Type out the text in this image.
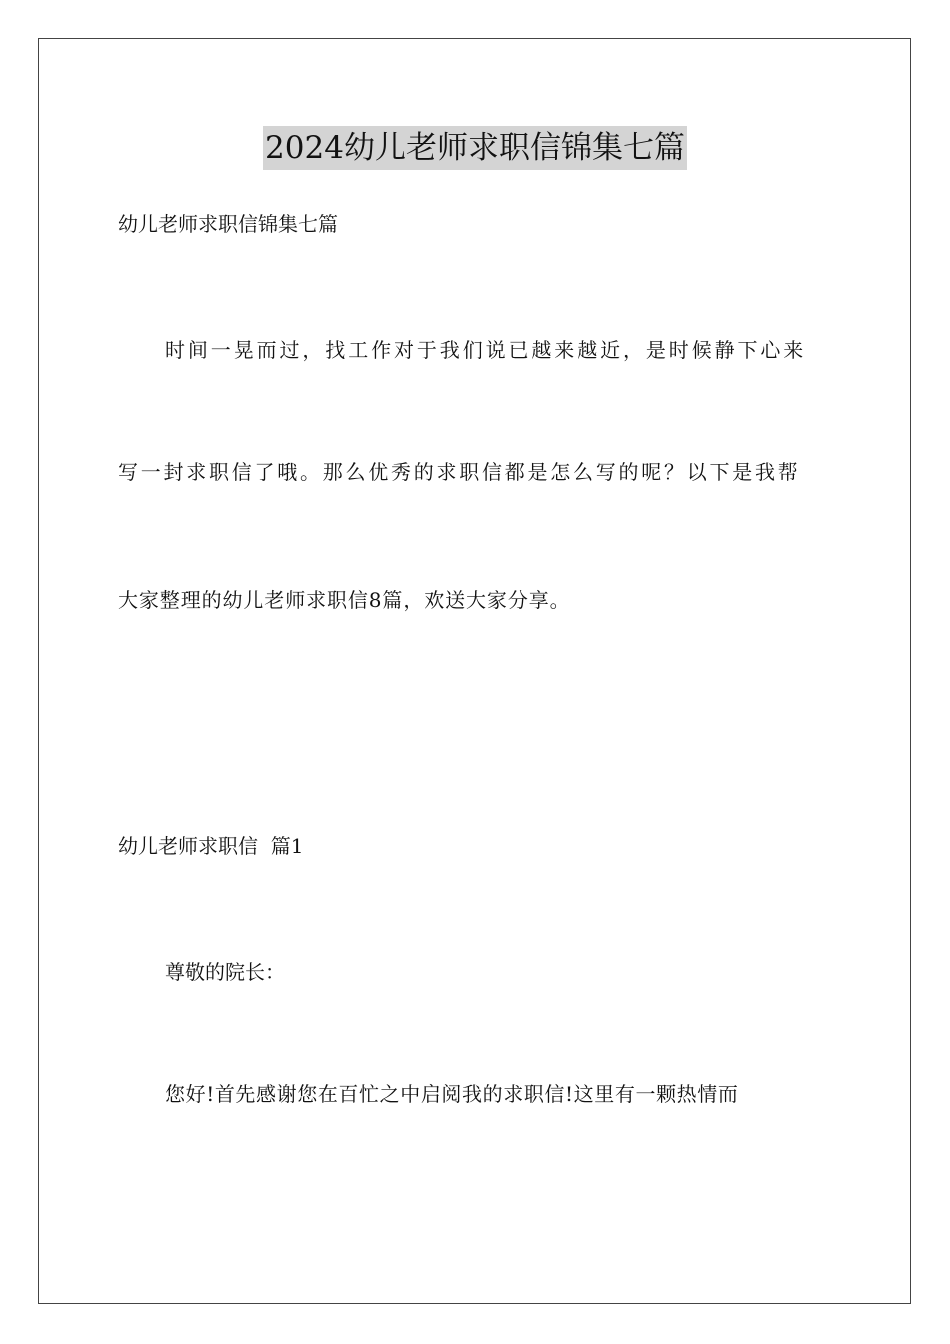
2024幼儿老师求职信锦集七篇

幼儿老师求职信锦集七篇

时间一晃而过，找工作对于我们说已越来越近，是时候静下心来

写一封求职信了哦。那么优秀的求职信都是怎么写的呢？以下是我帮

大家整理的幼儿老师求职信8篇，欢送大家分享。

幼儿老师求职信  篇1

尊敬的院长：

您好!首先感谢您在百忙之中启阅我的求职信!这里有一颗热情而
